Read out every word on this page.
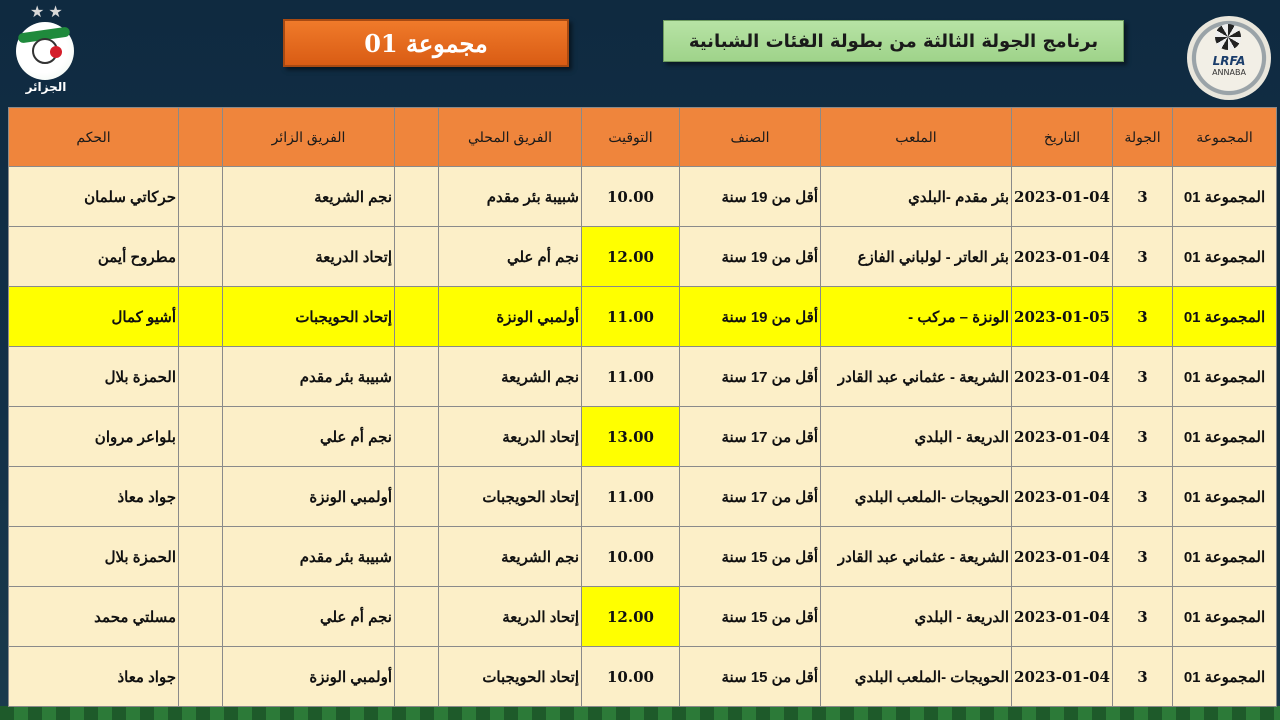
★★
الجزائر
LRFA
ANNABA
مجموعة 01	برنامج الجولة الثالثة من بطولة الفئات الشبانية
الحكم		الفريق الزائر		الفريق المحلي	التوقيت	الصنف	الملعب	التاريخ	الجولة	المجموعة
حركاتي سلمان		نجم الشريعة		شبيبة بئر مقدم	10.00	أقل من 19 سنة	بئر مقدم -البلدي	2023-01-04	3	المجموعة 01
مطروح أيمن		إتحاد الدريعة		نجم أم علي	12.00	أقل من 19 سنة	بئر العاتر - لولباني الفازع	2023-01-04	3	المجموعة 01
أشيو كمال		إتحاد الحويجبات		أولمبي الونزة	11.00	أقل من 19 سنة	الونزة – مركب -	2023-01-05	3	المجموعة 01
الحمزة بلال		شبيبة بئر مقدم		نجم الشريعة	11.00	أقل من 17 سنة	الشريعة - عثماني عبد القادر	2023-01-04	3	المجموعة 01
بلواعر مروان		نجم أم علي		إتحاد الدريعة	13.00	أقل من 17 سنة	الدريعة - البلدي	2023-01-04	3	المجموعة 01
جواد معاذ		أولمبي الونزة		إتحاد الحويجبات	11.00	أقل من 17 سنة	الحويجات -الملعب البلدي	2023-01-04	3	المجموعة 01
الحمزة بلال		شبيبة بئر مقدم		نجم الشريعة	10.00	أقل من 15 سنة	الشريعة - عثماني عبد القادر	2023-01-04	3	المجموعة 01
مسلتي محمد		نجم أم علي		إتحاد الدريعة	12.00	أقل من 15 سنة	الدريعة - البلدي	2023-01-04	3	المجموعة 01
جواد معاذ		أولمبي الونزة		إتحاد الحويجبات	10.00	أقل من 15 سنة	الحويجات -الملعب البلدي	2023-01-04	3	المجموعة 01
